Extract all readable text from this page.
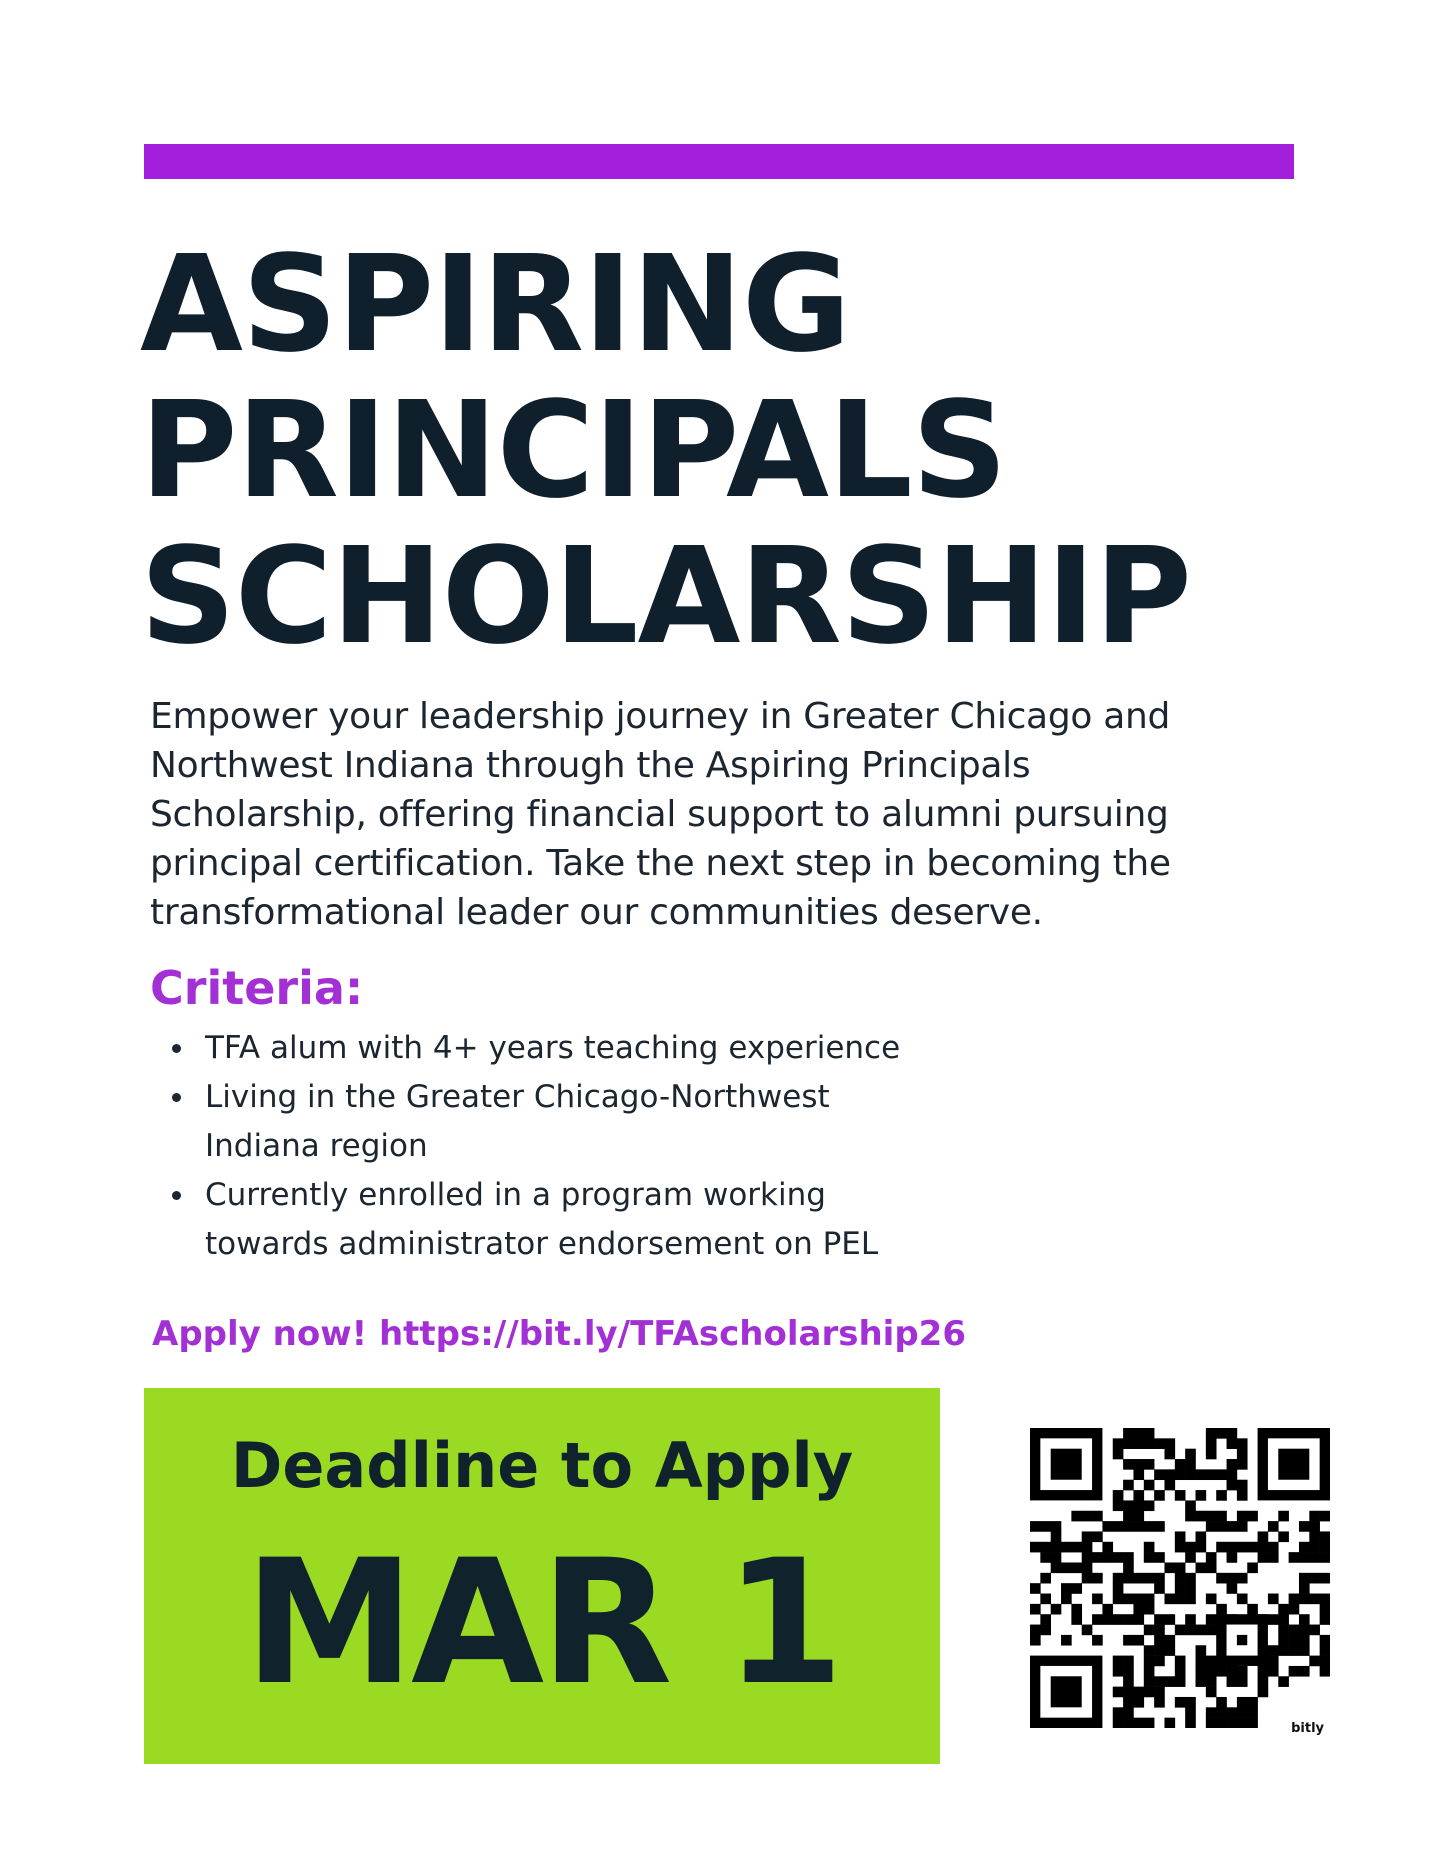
ASPIRING
PRINCIPALS
SCHOLARSHIP

Empower your leadership journey in Greater Chicago and
Northwest Indiana through the Aspiring Principals
Scholarship, offering financial support to alumni pursuing
principal certification. Take the next step in becoming the
transformational leader our communities deserve.

Criteria:
TFA alum with 4+ years teaching experience
Living in the Greater Chicago-Northwest
Indiana region
Currently enrolled in a program working
towards administrator endorsement on PEL

Apply now! https://bit.ly/TFAscholarship26

Deadline to Apply
MAR 1
bitly
